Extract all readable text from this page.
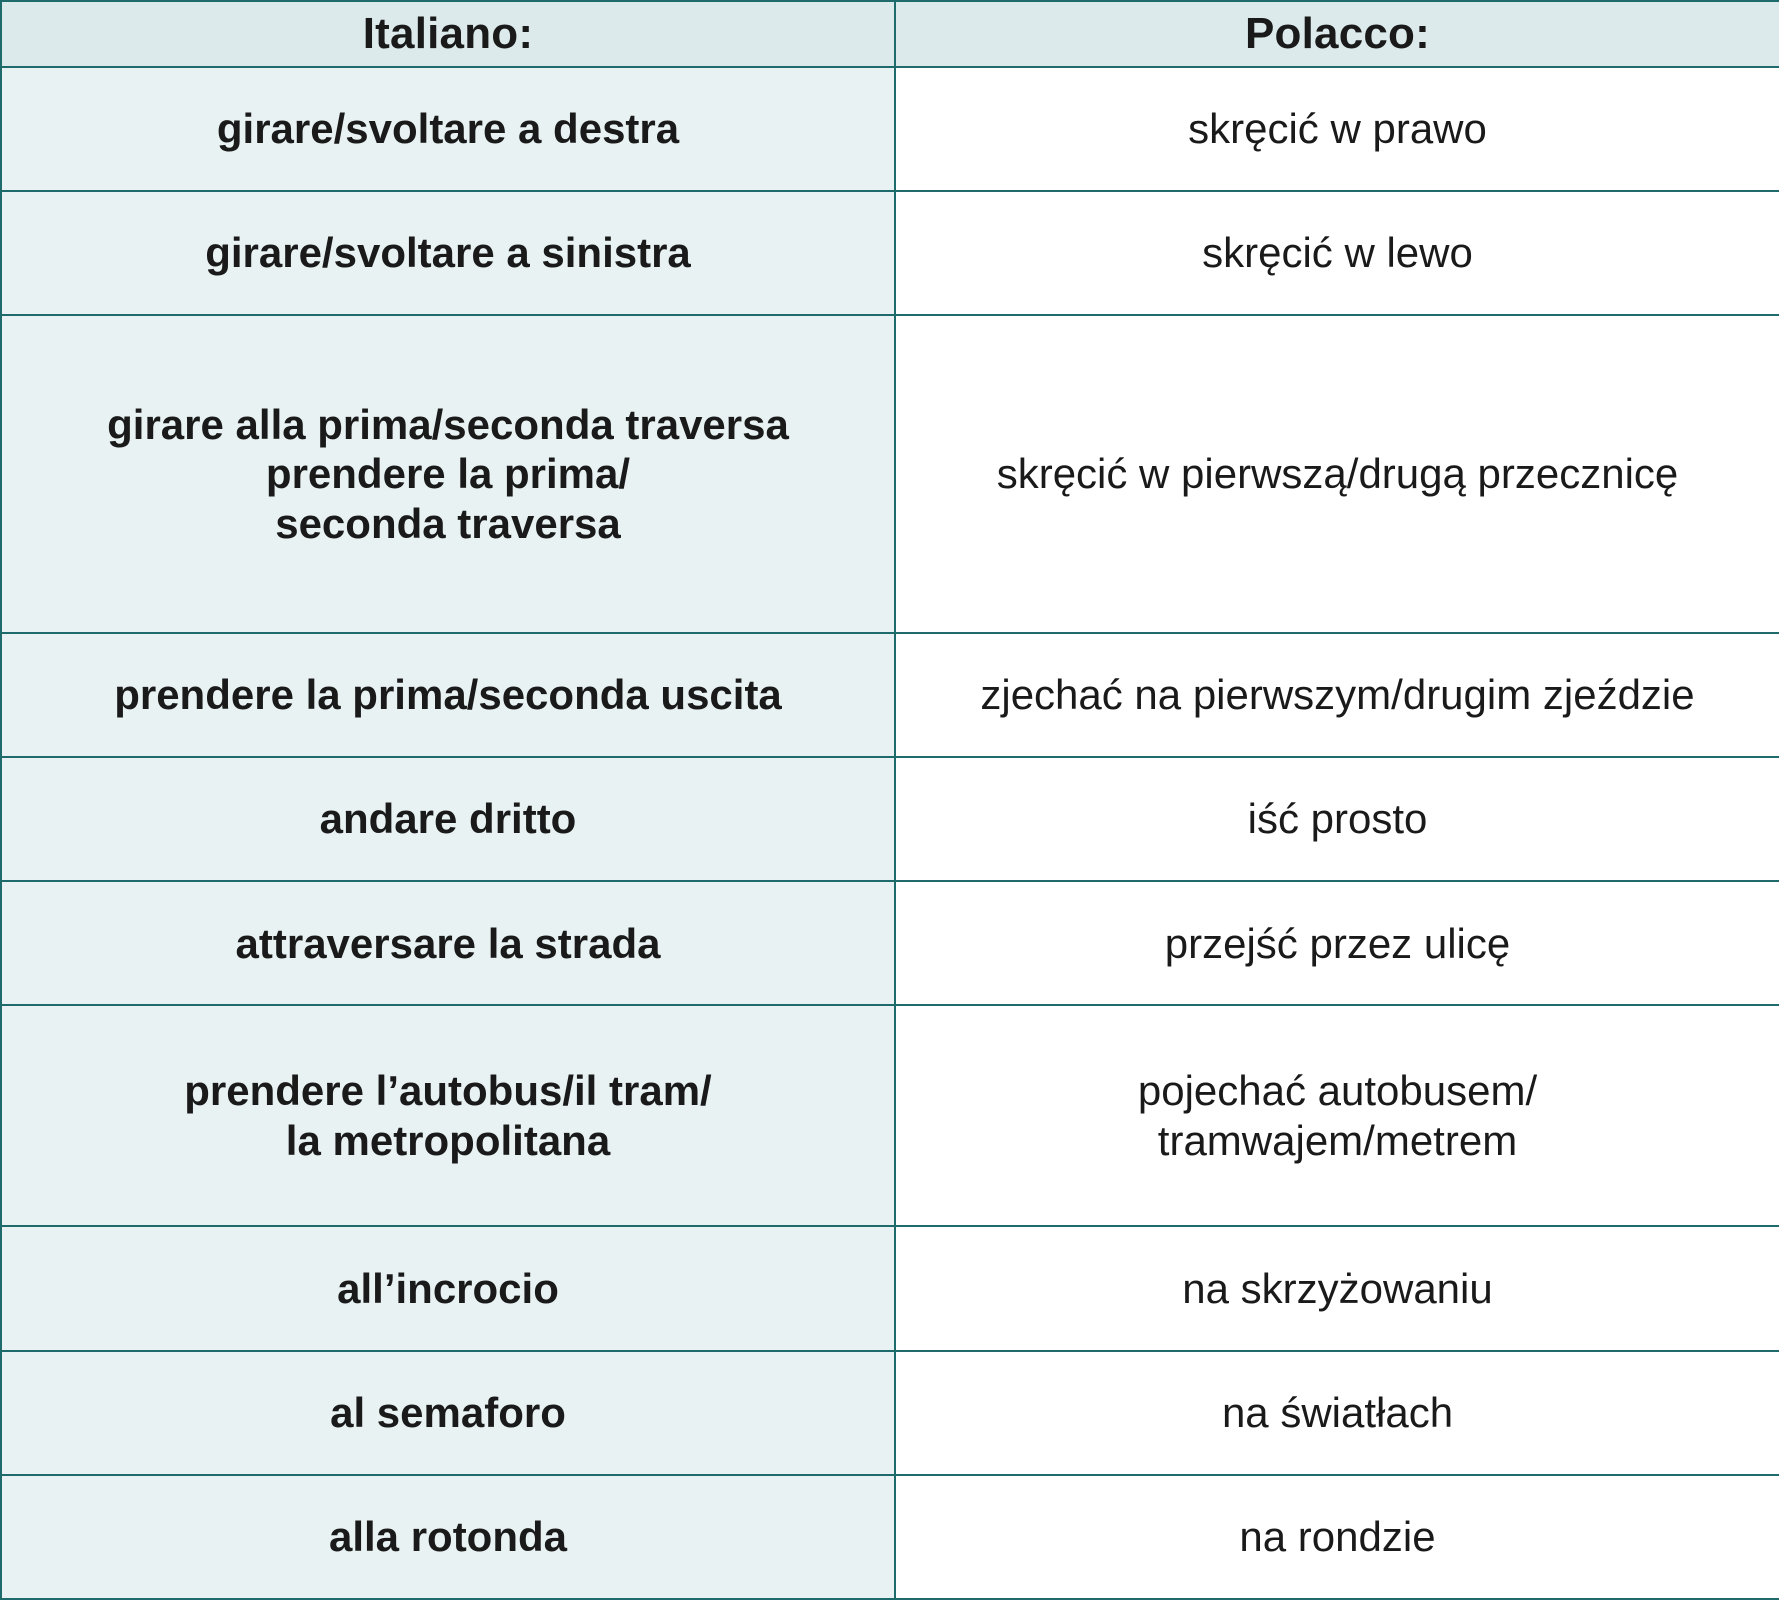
Italiano:	Polacco:
girare/svoltare a destra	skręcić w prawo
girare/svoltare a sinistra	skręcić w lewo

girare alla prima/seconda traversa
prendere la prima/
seconda traversa	skręcić w pierwszą/drugą przecznicę
prendere la prima/seconda uscita	zjechać na pierwszym/drugim zjeździe
andare dritto	iść prosto
attraversare la strada	przejść przez ulicę

prendere l’autobus/il tram/
la metropolitana	pojechać autobusem/
tramwajem/metrem

all’incrocio	na skrzyżowaniu
al semaforo	na światłach
alla rotonda	na rondzie
